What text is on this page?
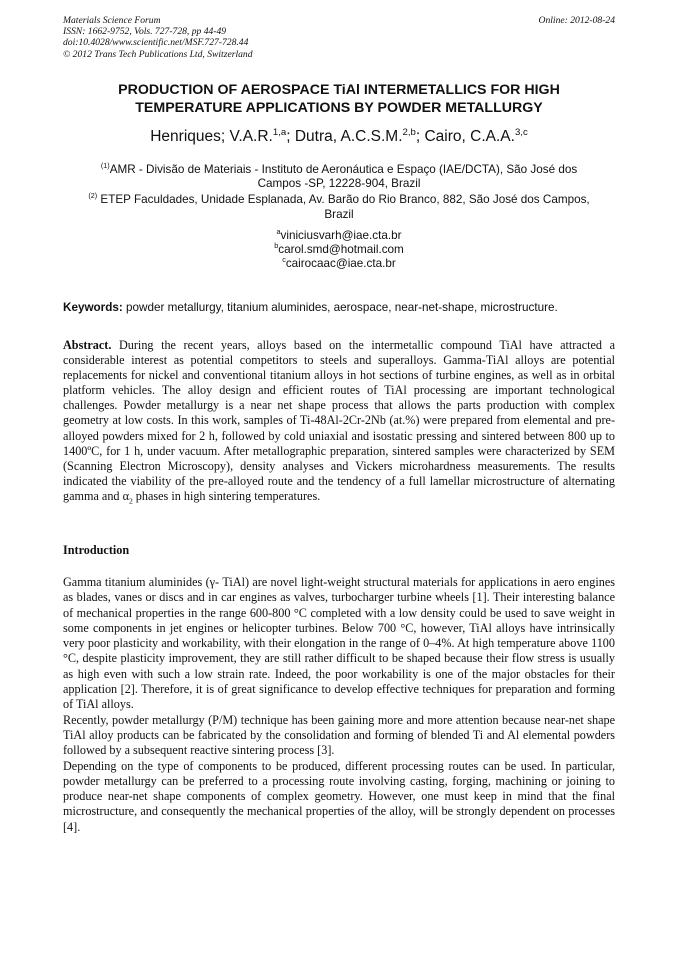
Materials Science Forum
ISSN: 1662-9752, Vols. 727-728, pp 44-49
doi:10.4028/www.scientific.net/MSF.727-728.44
© 2012 Trans Tech Publications Ltd, Switzerland
Online: 2012-08-24
PRODUCTION OF AEROSPACE TiAl INTERMETALLICS FOR HIGH
TEMPERATURE APPLICATIONS BY POWDER METALLURGY
Henriques; V.A.R.$^{1,a}$; Dutra, A.C.S.M.$^{2,b}$; Cairo, C.A.A.$^{3,c}$

$^{(1)}$AMR - Divisão de Materiais - Instituto de Aeronáutica e Espaço (IAE/DCTA), São José dos
Campos -SP, 12228-904, Brazil

$^{(2)}$ ETEP Faculdades, Unidade Esplanada, Av. Barão do Rio Branco, 882, São José dos Campos,
Brazil

$^a$viniciusvarh@iae.cta.br
$^b$carol.smd@hotmail.com
$^c$cairocaac@iae.cta.br
Keywords: powder metallurgy, titanium aluminides, aerospace, near-net-shape, microstructure.
Abstract. During the recent years, alloys based on the intermetallic compound TiAl have attracted a considerable interest as potential competitors to steels and superalloys. Gamma-TiAl alloys are potential replacements for nickel and conventional titanium alloys in hot sections of turbine engines, as well as in orbital platform vehicles. The alloy design and efficient routes of TiAl processing are important technological challenges. Powder metallurgy is a near net shape process that allows the parts production with complex geometry at low costs. In this work, samples of Ti-48Al-2Cr-2Nb (at.%) were prepared from elemental and pre-alloyed powders mixed for 2 h, followed by cold uniaxial and isostatic pressing and sintered between 800 up to 1400ºC, for 1 h, under vacuum. After metallographic preparation, sintered samples were characterized by SEM (Scanning Electron Microscopy), density analyses and Vickers microhardness measurements. The results indicated the viability of the pre-alloyed route and the tendency of a full lamellar microstructure of alternating gamma and $\alpha_2$ phases in high sintering temperatures.
Introduction

Gamma titanium aluminides (γ- TiAl) are novel light-weight structural materials for applications in aero engines as blades, vanes or discs and in car engines as valves, turbocharger turbine wheels [1]. Their interesting balance of mechanical properties in the range 600-800 °C completed with a low density could be used to save weight in some components in jet engines or helicopter turbines. Below 700 °C, however, TiAl alloys have intrinsically very poor plasticity and workability, with their elongation in the range of 0–4%. At high temperature above 1100 °C, despite plasticity improvement, they are still rather difficult to be shaped because their flow stress is usually as high even with such a low strain rate. Indeed, the poor workability is one of the major obstacles for their application [2]. Therefore, it is of great significance to develop effective techniques for preparation and forming of TiAl alloys.

Recently, powder metallurgy (P/M) technique has been gaining more and more attention because near-net shape TiAl alloy products can be fabricated by the consolidation and forming of blended Ti and Al elemental powders followed by a subsequent reactive sintering process [3].

Depending on the type of components to be produced, different processing routes can be used. In particular, powder metallurgy can be preferred to a processing route involving casting, forging, machining or joining to produce near-net shape components of complex geometry. However, one must keep in mind that the final microstructure, and consequently the mechanical properties of the alloy, will be strongly dependent on processes [4].
